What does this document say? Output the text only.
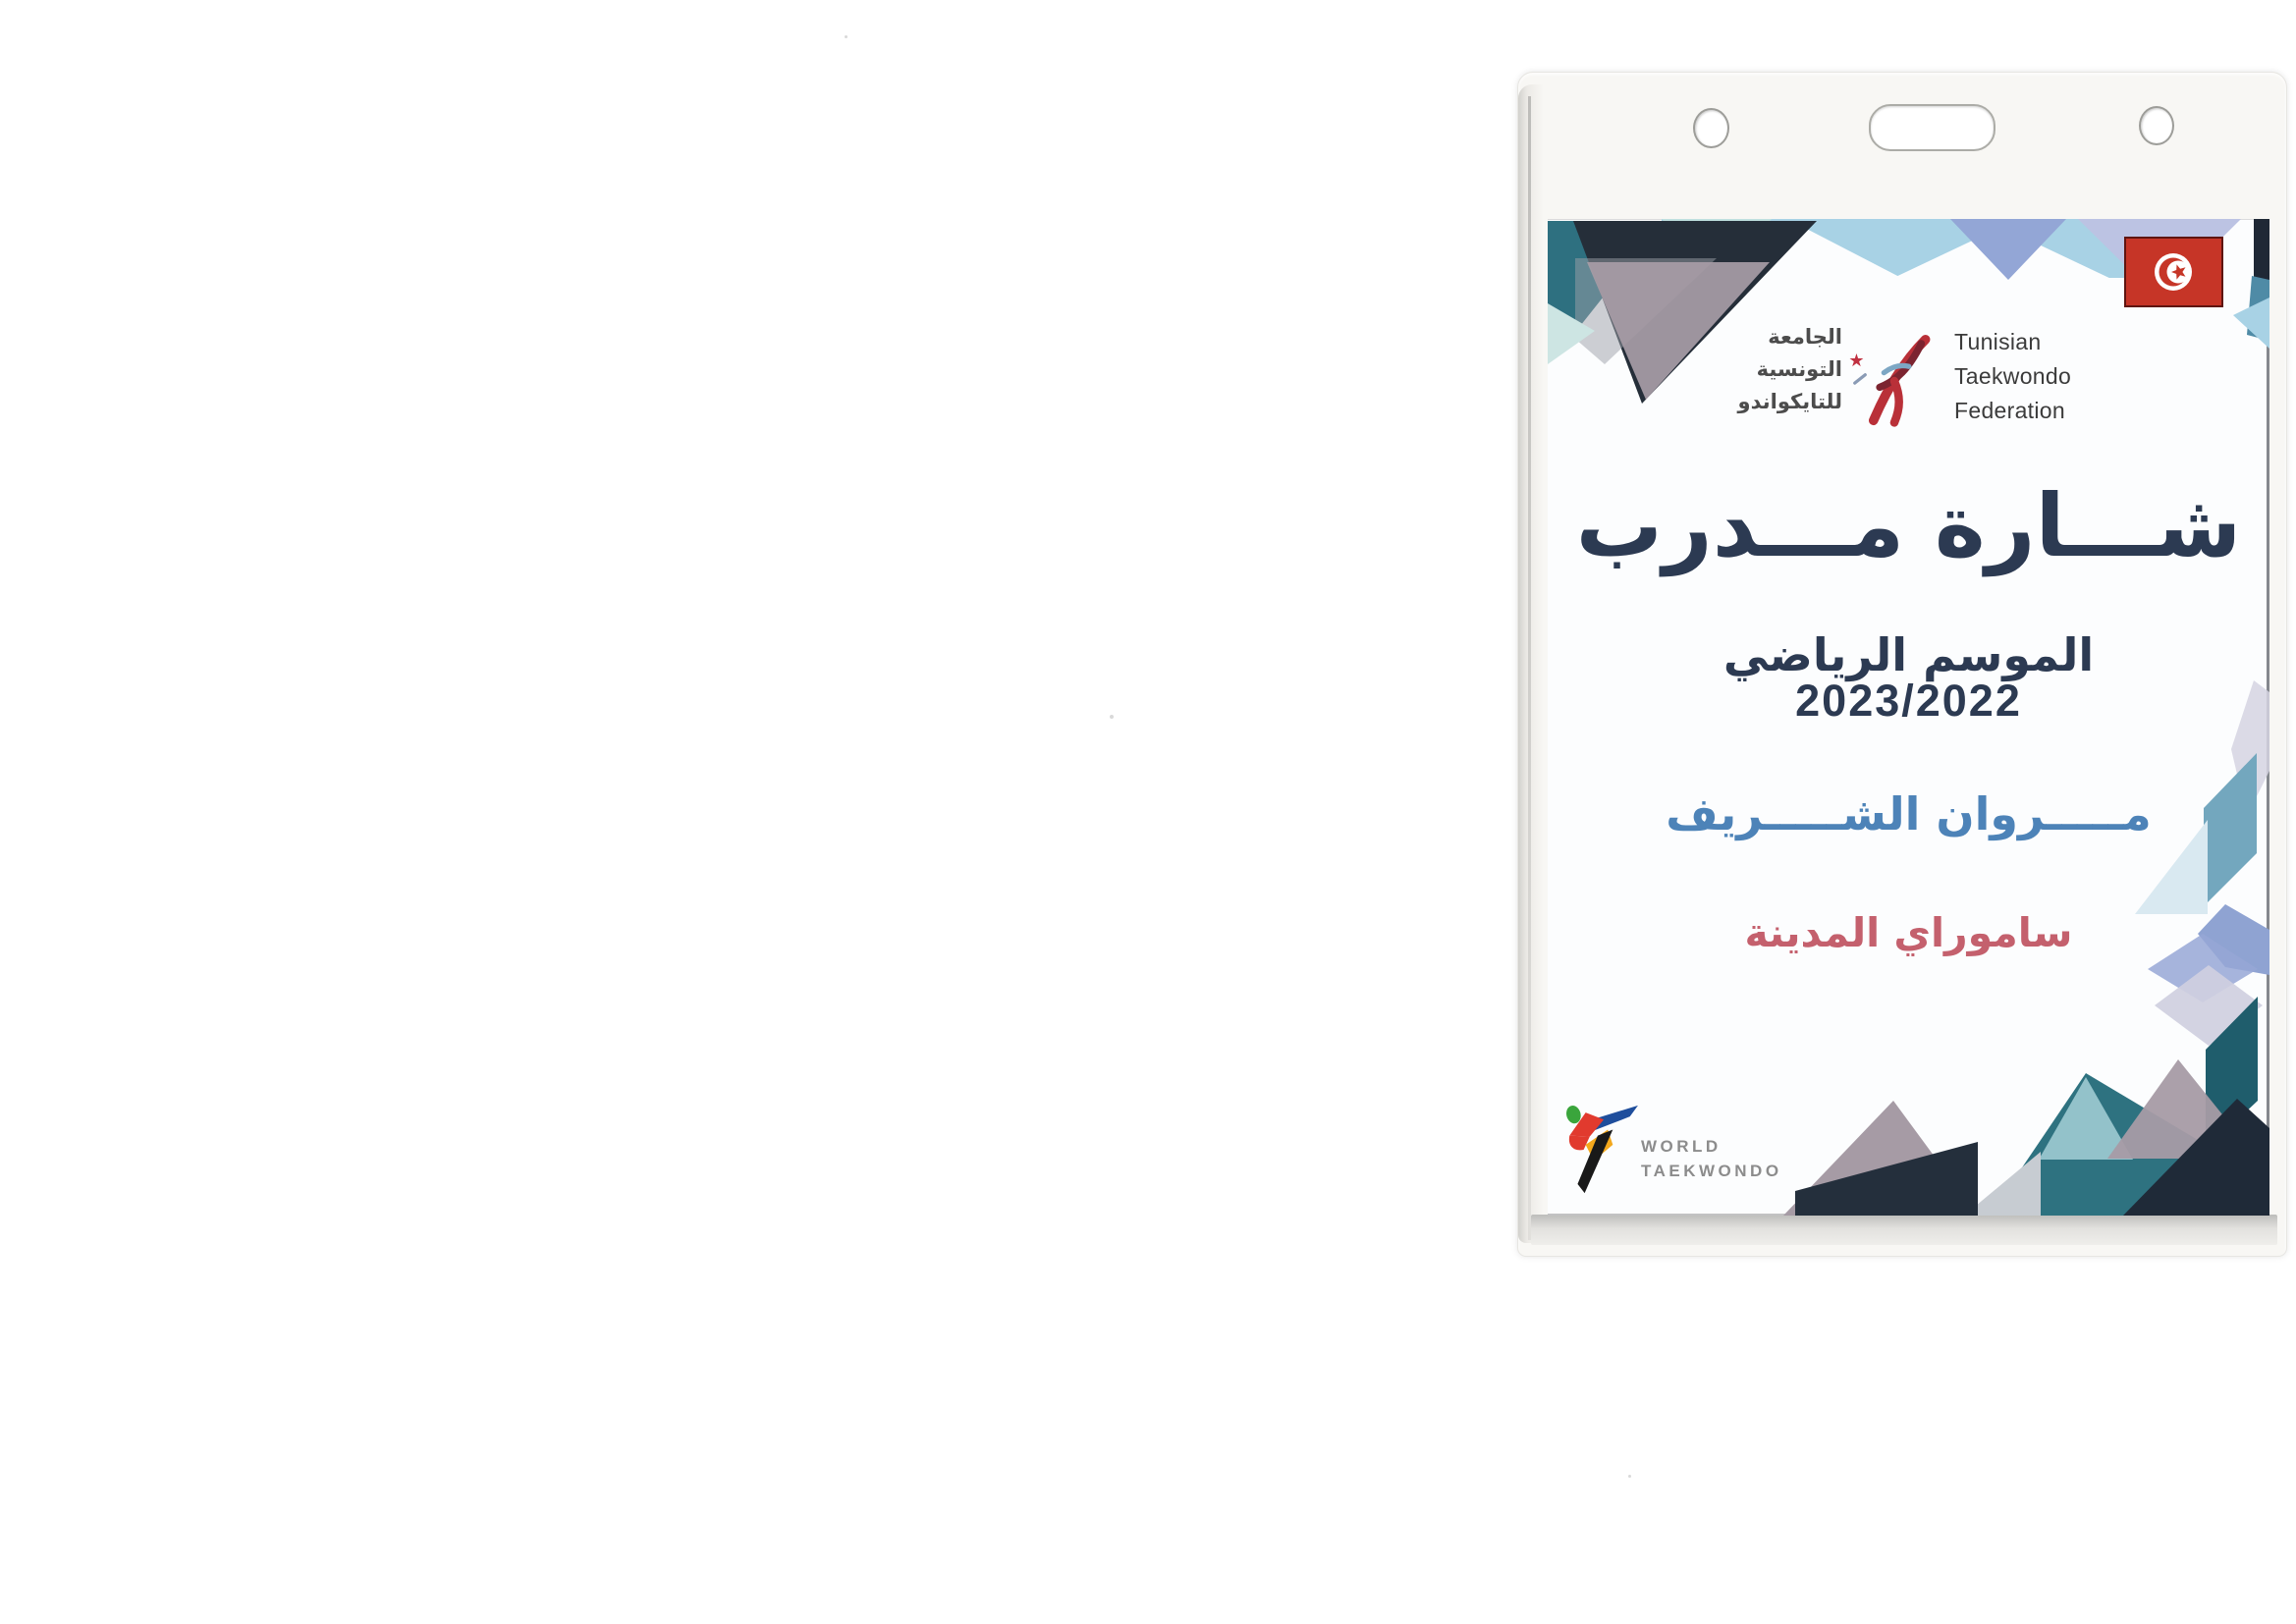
الجامعة
التونسية
للتايكواندو
★
Tunisian
Taekwondo
Federation
شـــارة مـــدرب
الموسم الرياضي
2023/2022
مـــــروان الشـــــريف
ساموراي المدينة
WORLD
TAEKWONDO
